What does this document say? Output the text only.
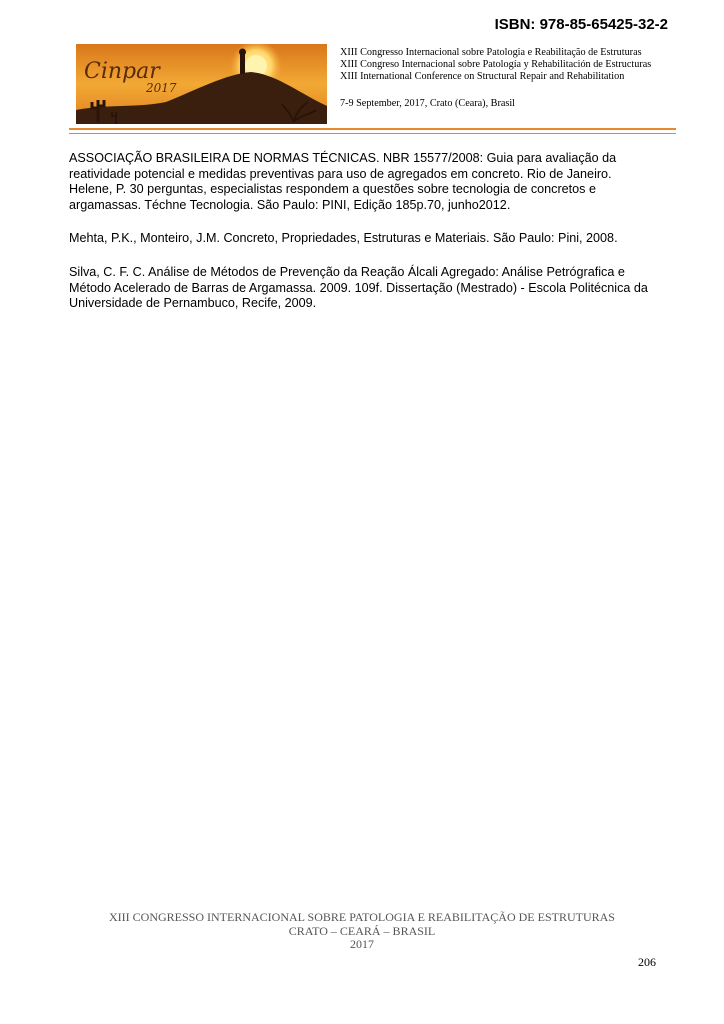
ISBN: 978-85-65425-32-2
Cinpar
2017
XIII Congresso Internacional sobre Patologia e Reabilitação de Estruturas
XIII Congreso Internacional sobre Patología y Rehabilitación de Estructuras
XIII International Conference on Structural Repair and Rehabilitation
7-9 September, 2017, Crato (Ceara), Brasil

ASSOCIAÇÃO BRASILEIRA DE NORMAS TÉCNICAS. NBR 15577/2008: Guia para avaliação da reatividade potencial e medidas preventivas para uso de agregados em concreto. Rio de Janeiro.

Helene, P. 30 perguntas, especialistas respondem a questões sobre tecnologia de concretos e argamassas. Téchne Tecnologia. São Paulo: PINI, Edição 185p.70, junho2012.

Mehta, P.K., Monteiro, J.M. Concreto, Propriedades, Estruturas e Materiais. São Paulo: Pini, 2008.

Silva, C. F. C. Análise de Métodos de Prevenção da Reação Álcali Agregado: Análise Petrógrafica e Método Acelerado de Barras de Argamassa. 2009. 109f. Dissertação (Mestrado) - Escola Politécnica da Universidade de Pernambuco, Recife, 2009.

XIII CONGRESSO INTERNACIONAL SOBRE PATOLOGIA E REABILITAÇÃO DE ESTRUTURAS
CRATO – CEARÁ – BRASIL
2017
206
